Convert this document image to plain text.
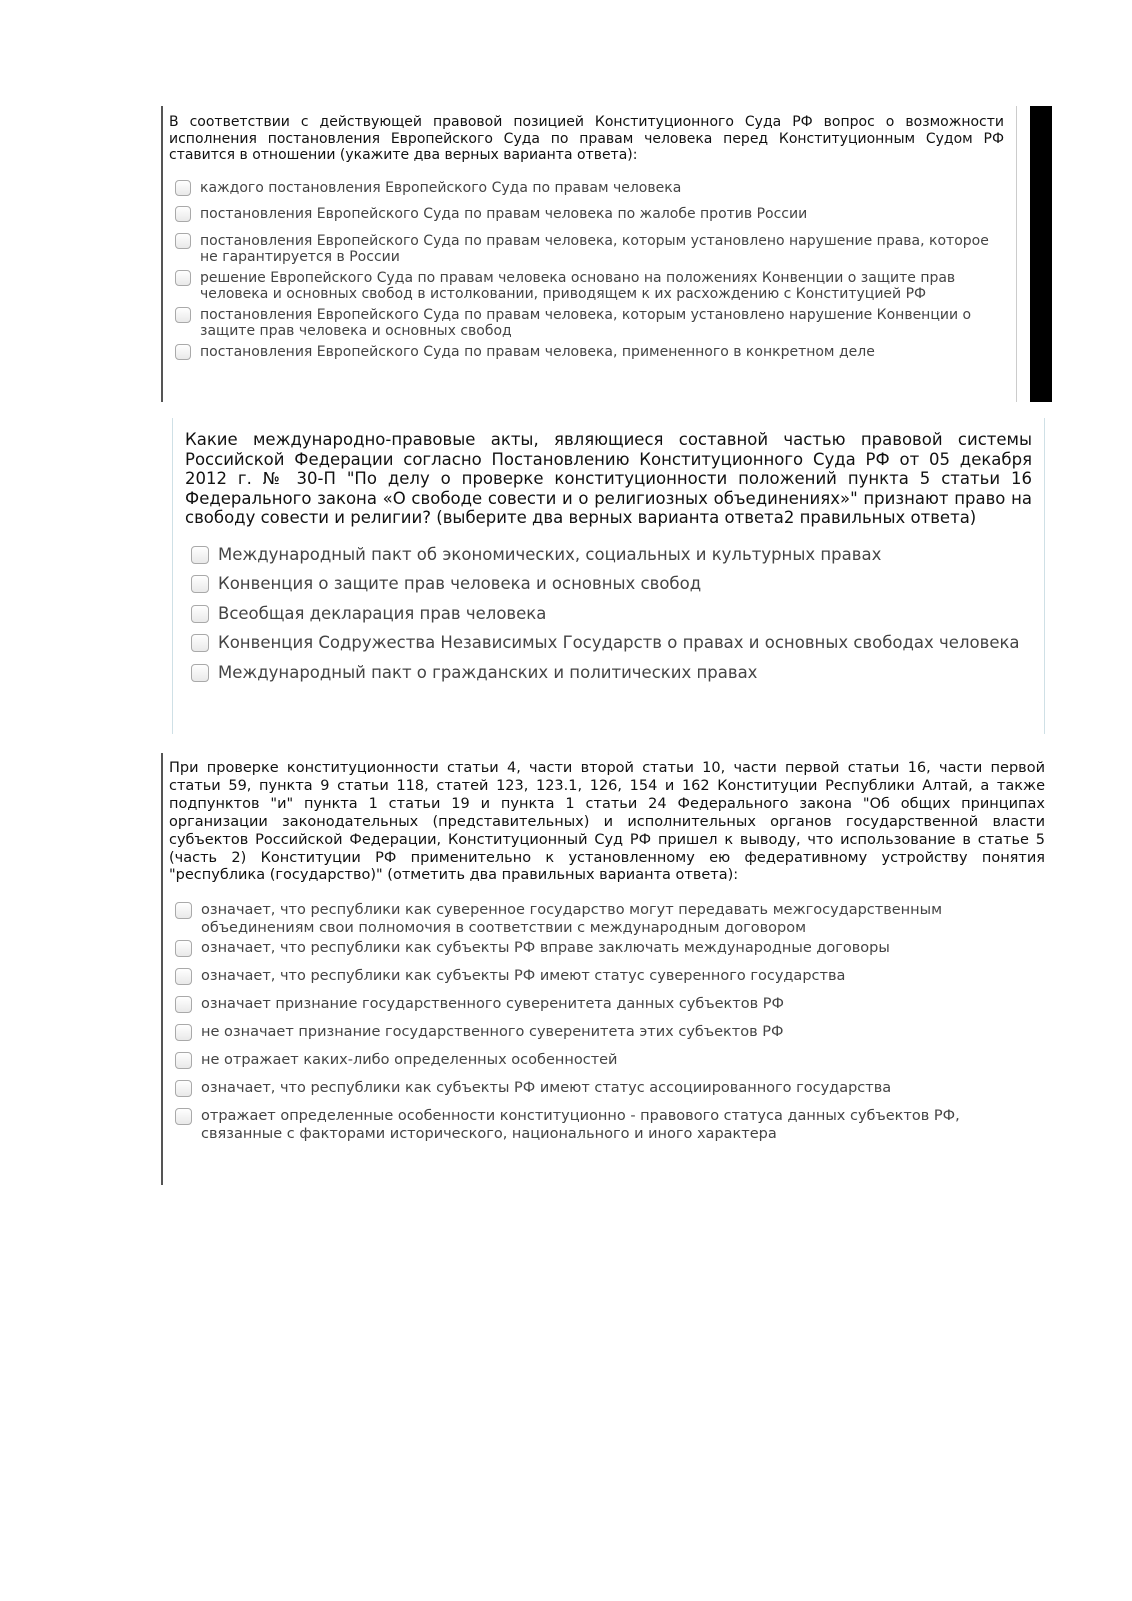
В соответствии с действующей правовой позицией Конституционного Суда РФ вопрос о возможности исполнения постановления Европейского Суда по правам человека перед Конституционным Судом РФ ставится в отношении (укажите два верных варианта ответа):

каждого постановления Европейского Суда по правам человека
постановления Европейского Суда по правам человека по жалобе против России
постановления Европейского Суда по правам человека, которым установлено нарушение права, которое не гарантируется в России
решение Европейского Суда по правам человека основано на положениях Конвенции о защите прав человека и основных свобод в истолковании, приводящем к их расхождению с Конституцией РФ
постановления Европейского Суда по правам человека, которым установлено нарушение Конвенции о защите прав человека и основных свобод
постановления Европейского Суда по правам человека, примененного в конкретном деле

Какие международно-правовые акты, являющиеся составной частью правовой системы Российской Федерации согласно Постановлению Конституционного Суда РФ от 05 декабря 2012 г. № 30-П "По делу о проверке конституционности положений пункта 5 статьи 16 Федерального закона «О свободе совести и о религиозных объединениях»" признают право на свободу совести и религии? (выберите два верных варианта ответа2 правильных ответа)

Международный пакт об экономических, социальных и культурных правах
Конвенция о защите прав человека и основных свобод
Всеобщая декларация прав человека
Конвенция Содружества Независимых Государств о правах и основных свободах человека
Международный пакт о гражданских и политических правах

При проверке конституционности статьи 4, части второй статьи 10, части первой статьи 16, части первой статьи 59, пункта 9 статьи 118, статей 123, 123.1, 126, 154 и 162 Конституции Республики Алтай, а также подпунктов "и" пункта 1 статьи 19 и пункта 1 статьи 24 Федерального закона "Об общих принципах организации законодательных (представительных) и исполнительных органов государственной власти субъектов Российской Федерации, Конституционный Суд РФ пришел к выводу, что использование в статье 5 (часть 2) Конституции РФ применительно к установленному ею федеративному устройству понятия "республика (государство)" (отметить два правильных варианта ответа):

означает, что республики как суверенное государство могут передавать межгосударственным объединениям свои полномочия в соответствии с международным договором
означает, что республики как субъекты РФ вправе заключать международные договоры
означает, что республики как субъекты РФ имеют статус суверенного государства
означает признание государственного суверенитета данных субъектов РФ
не означает признание государственного суверенитета этих субъектов РФ
не отражает каких-либо определенных особенностей
означает, что республики как субъекты РФ имеют статус ассоциированного государства
отражает определенные особенности конституционно - правового статуса данных субъектов РФ, связанные с факторами исторического, национального и иного характера
